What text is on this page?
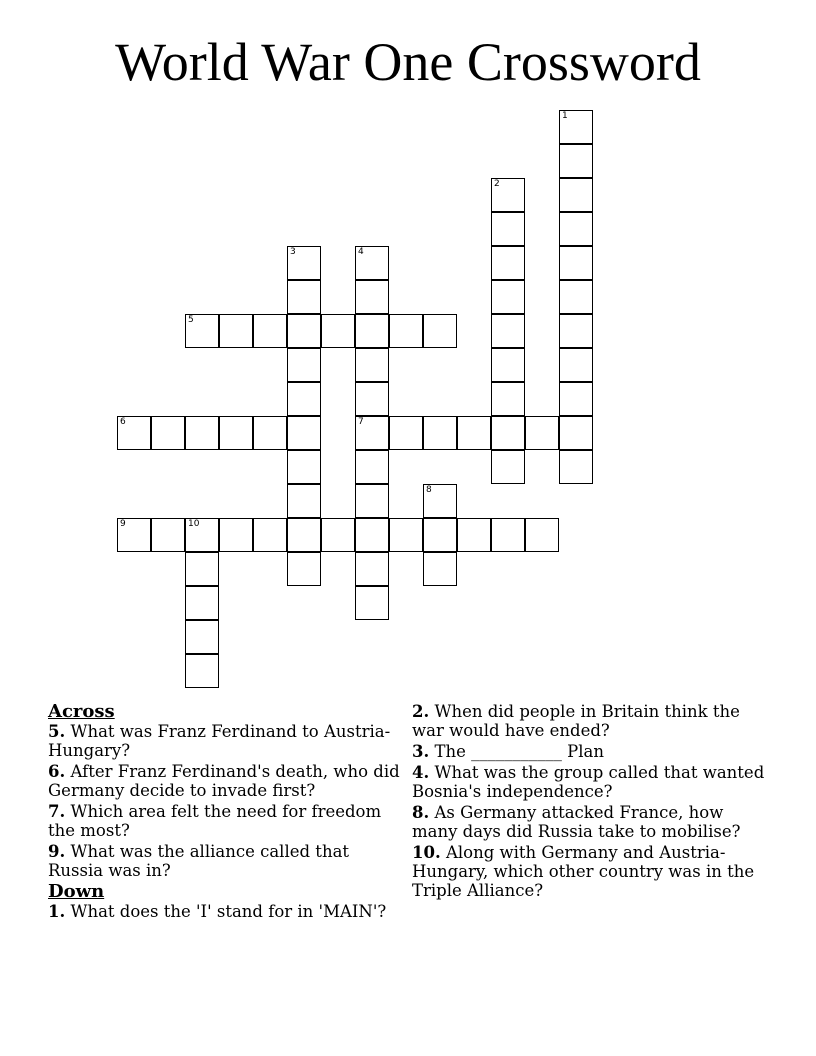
World War One Crossword
1
2
3	4
7
5
6
8
9	10
Across
5. What was Franz Ferdinand to Austria-Hungary?
6. After Franz Ferdinand's death, who did Germany decide to invade first?
7. Which area felt the need for freedom the most?
9. What was the alliance called that Russia was in?
Down
1. What does the 'I' stand for in 'MAIN'?
2. When did people in Britain think the war would have ended?
3. The ___________ Plan
4. What was the group called that wanted Bosnia's independence?
8. As Germany attacked France, how many days did Russia take to mobilise?
10. Along with Germany and Austria-Hungary, which other country was in the Triple Alliance?
